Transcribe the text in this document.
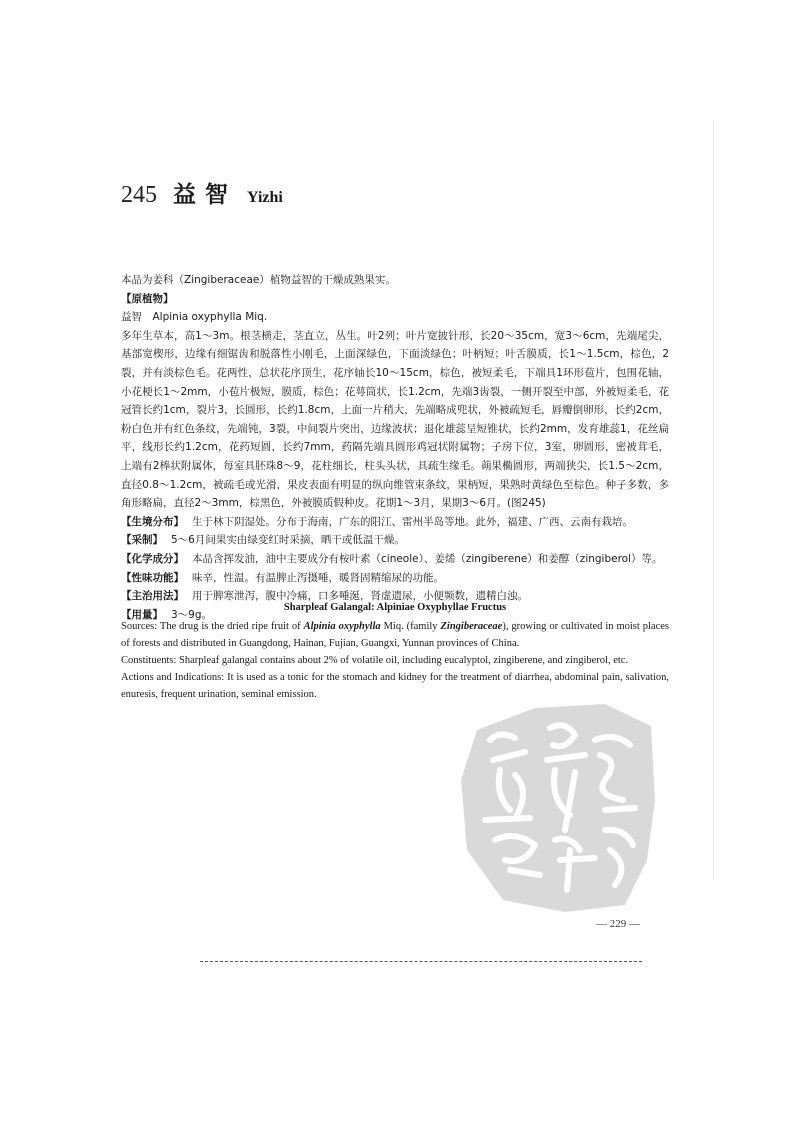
245 益智 Yizhi

本品为姜科（Zingiberaceae）植物益智的干燥成熟果实。

【原植物】

益智　Alpinia oxyphylla Miq.

多年生草本，高1～3m。根茎横走，茎直立，丛生。叶2列；叶片宽披针形，长20～35cm，宽3～6cm，先端尾尖，基部宽楔形，边缘有细锯齿和脱落性小刚毛，上面深绿色，下面淡绿色；叶柄短；叶舌膜质，长1～1.5cm，棕色，2裂，并有淡棕色毛。花两性，总状花序顶生，花序轴长10～15cm，棕色，被短柔毛，下端具1环形苞片，包围花轴，小花梗长1～2mm，小苞片极短，膜质，棕色；花萼筒状，长1.2cm，先端3齿裂，一侧开裂至中部，外被短柔毛，花冠管长约1cm，裂片3，长圆形，长约1.8cm，上面一片稍大，先端略成兜状，外被疏短毛，唇瓣倒卵形，长约2cm，粉白色并有红色条纹，先端钝，3裂，中间裂片突出，边缘波状；退化雄蕊呈短锥状，长约2mm，发育雄蕊1，花丝扁平，线形长约1.2cm，花药短圆，长约7mm，药隔先端具圆形鸡冠状附属物；子房下位，3室，卵圆形，密被茸毛，上端有2棒状附属体，每室具胚珠8～9，花柱细长，柱头头状，具疏生缘毛。蒴果椭圆形，两端狭尖，长1.5～2cm，直径0.8～1.2cm，被疏毛或光滑，果皮表面有明显的纵向维管束条纹，果柄短，果熟时黄绿色至棕色。种子多数，多角形略扁，直径2～3mm，棕黑色，外被膜质假种皮。花期1～3月，果期3～6月。(图245)

【生境分布】 生于林下阴湿处。分布于海南，广东的阳江、雷州半岛等地。此外，福建、广西、云南有栽培。

【采制】 5～6月间果实由绿变红时采摘，晒干或低温干燥。

【化学成分】 本品含挥发油，油中主要成分有桉叶素（cineole）、姜烯（zingiberene）和姜醇（zingiberol）等。

【性味功能】 味辛，性温。有温脾止泻摄唾，暖肾固精缩尿的功能。

【主治用法】 用于脾寒泄泻，腹中冷痛，口多唾涎，肾虚遗尿，小便频数，遗精白浊。

【用量】 3～9g。

Sharpleaf Galangal: Alpiniae Oxyphyllae Fructus

Sources: The drug is the dried ripe fruit of Alpinia oxyphylla Miq. (family Zingiberaceae), growing or cultivated in moist places of forests and distributed in Guangdong, Hainan, Fujian, Guangxi, Yunnan provinces of China.

Constituents: Sharpleaf galangal contains about 2% of volatile oil, including eucalyptol, zingiberene, and zingiberol, etc.

Actions and Indications: It is used as a tonic for the stomach and kidney for the treatment of diarrhea, abdominal pain, salivation, enuresis, frequent urination, seminal emission.

— 229 —
